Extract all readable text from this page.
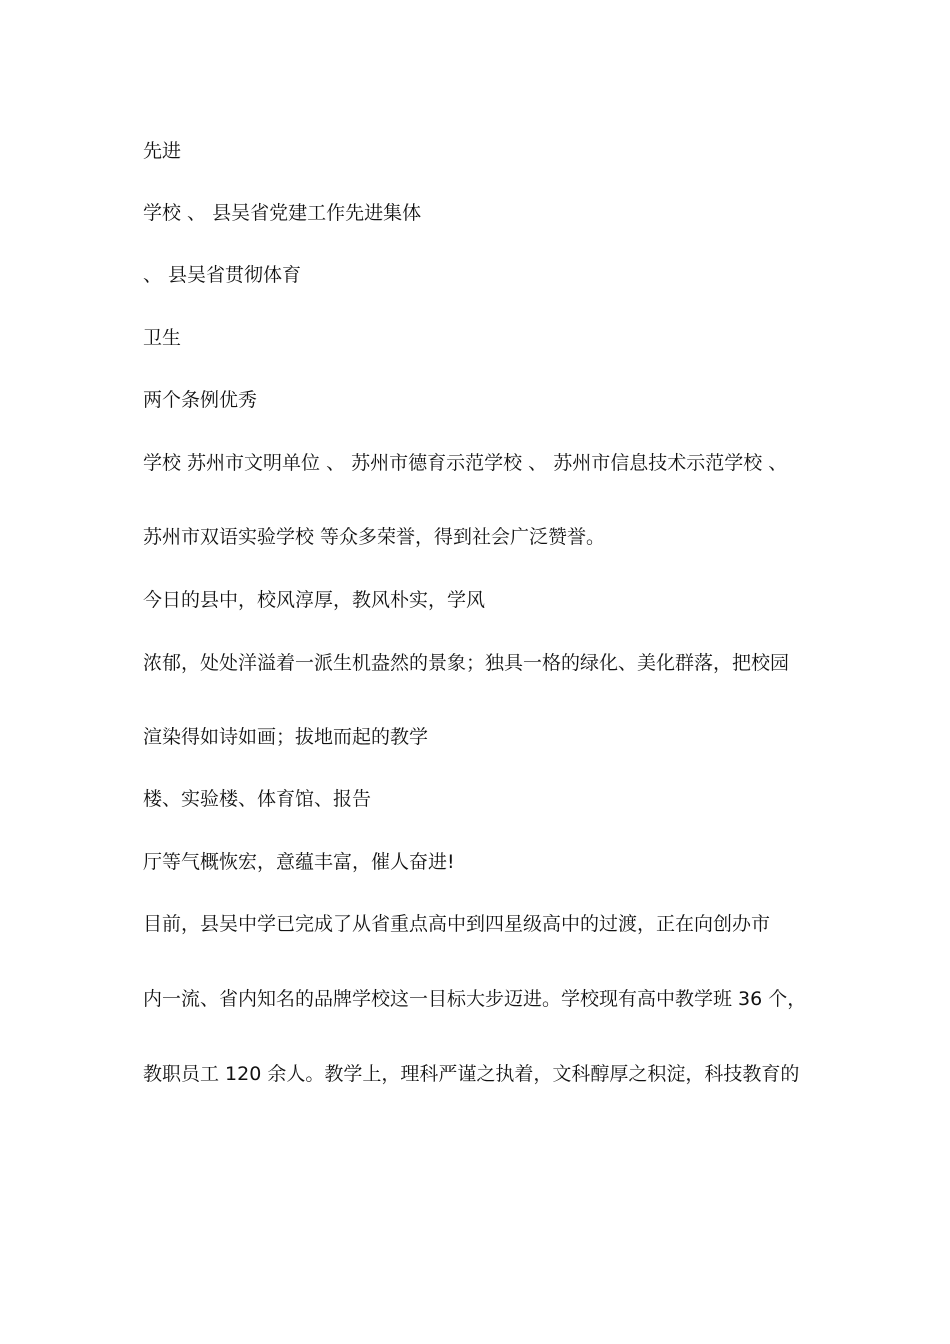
先进
学校 、 县吴省党建工作先进集体
、 县吴省贯彻体育
卫生
两个条例优秀
学校 苏州市文明单位 、 苏州市德育示范学校 、 苏州市信息技术示范学校 、
苏州市双语实验学校 等众多荣誉，得到社会广泛赞誉。
今日的县中，校风淳厚，教风朴实，学风
浓郁，处处洋溢着一派生机盎然的景象；独具一格的绿化、美化群落，把校园
渲染得如诗如画；拔地而起的教学
楼、实验楼、体育馆、报告
厅等气概恢宏，意蕴丰富，催人奋进!
目前，县吴中学已完成了从省重点高中到四星级高中的过渡，正在向创办市
内一流、省内知名的品牌学校这一目标大步迈进。学校现有高中教学班 36 个，
教职员工 120 余人。教学上，理科严谨之执着，文科醇厚之积淀，科技教育的
